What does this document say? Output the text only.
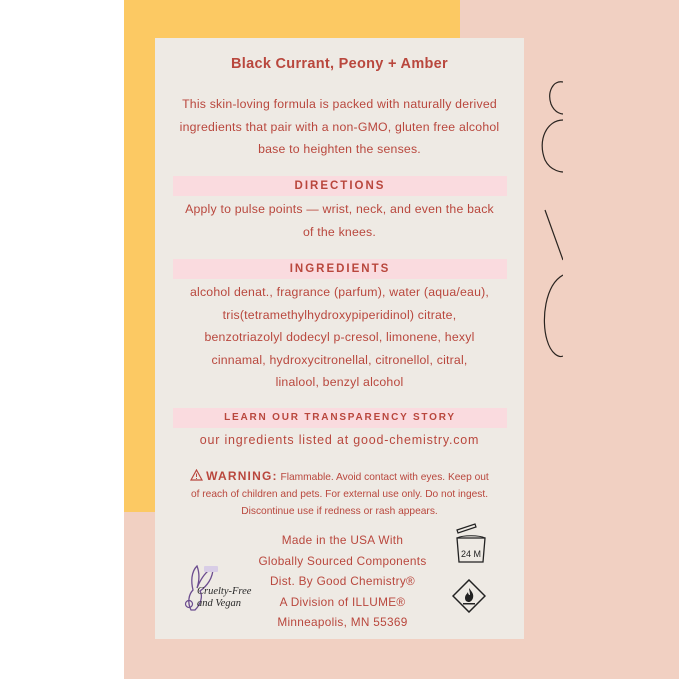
Black Currant, Peony + Amber
This skin-loving formula is packed with naturally derived
ingredients that pair with a non-GMO, gluten free alcohol
base to heighten the senses.
DIRECTIONS
Apply to pulse points — wrist, neck, and even the back
of the knees.
INGREDIENTS
alcohol denat., fragrance (parfum), water (aqua/eau),
tris(tetramethylhydroxypiperidinol) citrate,
benzotriazolyl dodecyl p-cresol, limonene, hexyl
cinnamal, hydroxycitronellal, citronellol, citral,
linalool, benzyl alcohol
LEARN OUR TRANSPARENCY STORY
our ingredients listed at good-chemistry.com
WARNING: Flammable. Avoid contact with eyes. Keep out
of reach of children and pets. For external use only. Do not ingest.
Discontinue use if redness or rash appears.
Made in the USA With
Globally Sourced Components
Dist. By Good Chemistry®
A Division of ILLUME®
Minneapolis, MN 55369
Cruelty-Free
and Vegan
24 M
